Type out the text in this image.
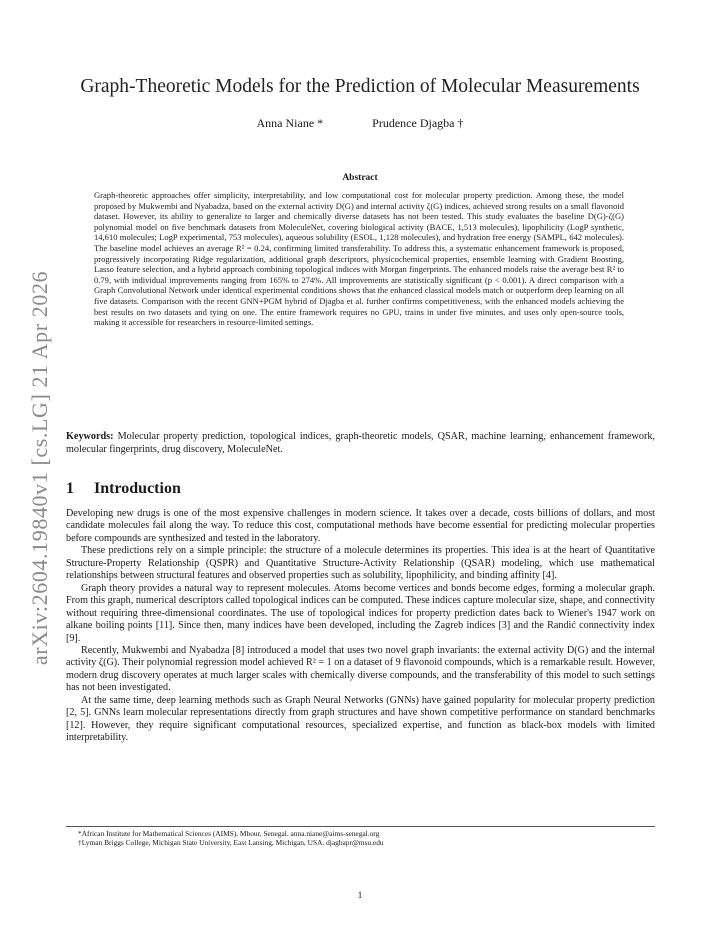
arXiv:2604.19840v1 [cs.LG] 21 Apr 2026
Graph-Theoretic Models for the Prediction of Molecular Measurements
Anna Niane *	Prudence Djagba †
Abstract
Graph-theoretic approaches offer simplicity, interpretability, and low computational cost for molecular property prediction. Among these, the model proposed by Mukwembi and Nyabadza, based on the external activity D(G) and internal activity ζ(G) indices, achieved strong results on a small flavonoid dataset. However, its ability to generalize to larger and chemically diverse datasets has not been tested. This study evaluates the baseline D(G)-ζ(G) polynomial model on five benchmark datasets from MoleculeNet, covering biological activity (BACE, 1,513 molecules), lipophilicity (LogP synthetic, 14,610 molecules; LogP experimental, 753 molecules), aqueous solubility (ESOL, 1,128 molecules), and hydration free energy (SAMPL, 642 molecules). The baseline model achieves an average R² = 0.24, confirming limited transferability. To address this, a systematic enhancement framework is proposed, progressively incorporating Ridge regularization, additional graph descriptors, physicochemical properties, ensemble learning with Gradient Boosting, Lasso feature selection, and a hybrid approach combining topological indices with Morgan fingerprints. The enhanced models raise the average best R² to 0.79, with individual improvements ranging from 165% to 274%. All improvements are statistically significant (p < 0.001). A direct comparison with a Graph Convolutional Network under identical experimental conditions shows that the enhanced classical models match or outperform deep learning on all five datasets. Comparison with the recent GNN+PGM hybrid of Djagba et al. further confirms competitiveness, with the enhanced models achieving the best results on two datasets and tying on one. The entire framework requires no GPU, trains in under five minutes, and uses only open-source tools, making it accessible for researchers in resource-limited settings.
Keywords: Molecular property prediction, topological indices, graph-theoretic models, QSAR, machine learning, enhancement framework, molecular fingerprints, drug discovery, MoleculeNet.
1 Introduction

Developing new drugs is one of the most expensive challenges in modern science. It takes over a decade, costs billions of dollars, and most candidate molecules fail along the way. To reduce this cost, computational methods have become essential for predicting molecular properties before compounds are synthesized and tested in the laboratory.

These predictions rely on a simple principle: the structure of a molecule determines its properties. This idea is at the heart of Quantitative Structure-Property Relationship (QSPR) and Quantitative Structure-Activity Relationship (QSAR) modeling, which use mathematical relationships between structural features and observed properties such as solubility, lipophilicity, and binding affinity [4].

Graph theory provides a natural way to represent molecules. Atoms become vertices and bonds become edges, forming a molecular graph. From this graph, numerical descriptors called topological indices can be computed. These indices capture molecular size, shape, and connectivity without requiring three-dimensional coordinates. The use of topological indices for property prediction dates back to Wiener's 1947 work on alkane boiling points [11]. Since then, many indices have been developed, including the Zagreb indices [3] and the Randić connectivity index [9].

Recently, Mukwembi and Nyabadza [8] introduced a model that uses two novel graph invariants: the external activity D(G) and the internal activity ζ(G). Their polynomial regression model achieved R² = 1 on a dataset of 9 flavonoid compounds, which is a remarkable result. However, modern drug discovery operates at much larger scales with chemically diverse compounds, and the transferability of this model to such settings has not been investigated.

At the same time, deep learning methods such as Graph Neural Networks (GNNs) have gained popularity for molecular property prediction [2, 5]. GNNs learn molecular representations directly from graph structures and have shown competitive performance on standard benchmarks [12]. However, they require significant computational resources, specialized expertise, and function as black-box models with limited interpretability.

*African Institute for Mathematical Sciences (AIMS), Mbour, Senegal. anna.niane@aims-senegal.org
†Lyman Briggs College, Michigan State University, East Lansing, Michigan, USA. djagbapr@msu.edu
1
